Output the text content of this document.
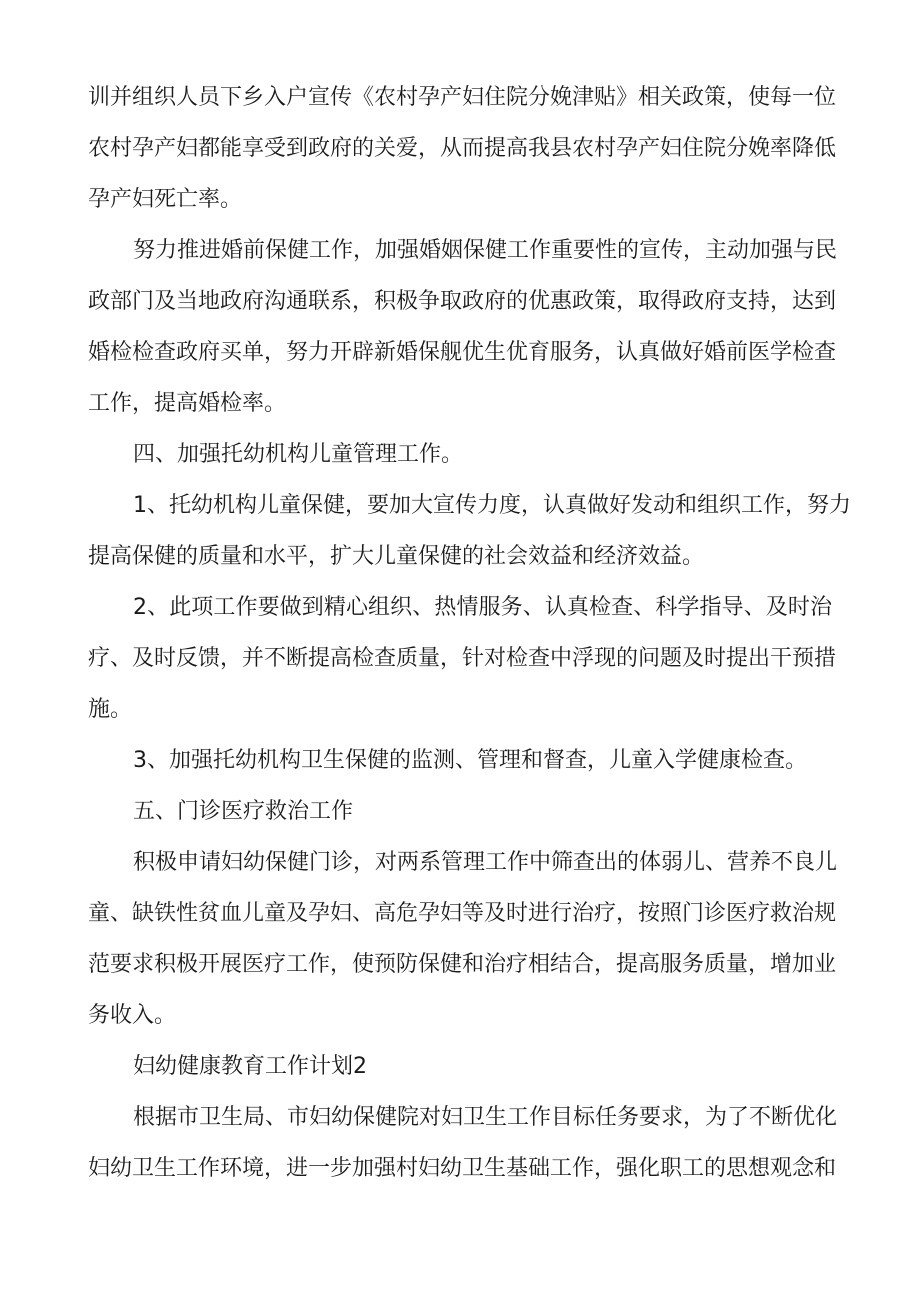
训并组织人员下乡入户宣传《农村孕产妇住院分娩津贴》相关政策，使每一位
农村孕产妇都能享受到政府的关爱，从而提高我县农村孕产妇住院分娩率降低
孕产妇死亡率。
努力推进婚前保健工作，加强婚姻保健工作重要性的宣传，主动加强与民
政部门及当地政府沟通联系，积极争取政府的优惠政策，取得政府支持，达到
婚检检查政府买单，努力开辟新婚保舰优生优育服务，认真做好婚前医学检查
工作，提高婚检率。
四、加强托幼机构儿童管理工作。
1、托幼机构儿童保健，要加大宣传力度，认真做好发动和组织工作，努力
提高保健的质量和水平，扩大儿童保健的社会效益和经济效益。
2、此项工作要做到精心组织、热情服务、认真检查、科学指导、及时治
疗、及时反馈，并不断提高检查质量，针对检查中浮现的问题及时提出干预措
施。
3、加强托幼机构卫生保健的监测、管理和督查，儿童入学健康检查。
五、门诊医疗救治工作
积极申请妇幼保健门诊，对两系管理工作中筛查出的体弱儿、营养不良儿
童、缺铁性贫血儿童及孕妇、高危孕妇等及时进行治疗，按照门诊医疗救治规
范要求积极开展医疗工作，使预防保健和治疗相结合，提高服务质量，增加业
务收入。
妇幼健康教育工作计划2
根据市卫生局、市妇幼保健院对妇卫生工作目标任务要求，为了不断优化
妇幼卫生工作环境，进一步加强村妇幼卫生基础工作，强化职工的思想观念和
